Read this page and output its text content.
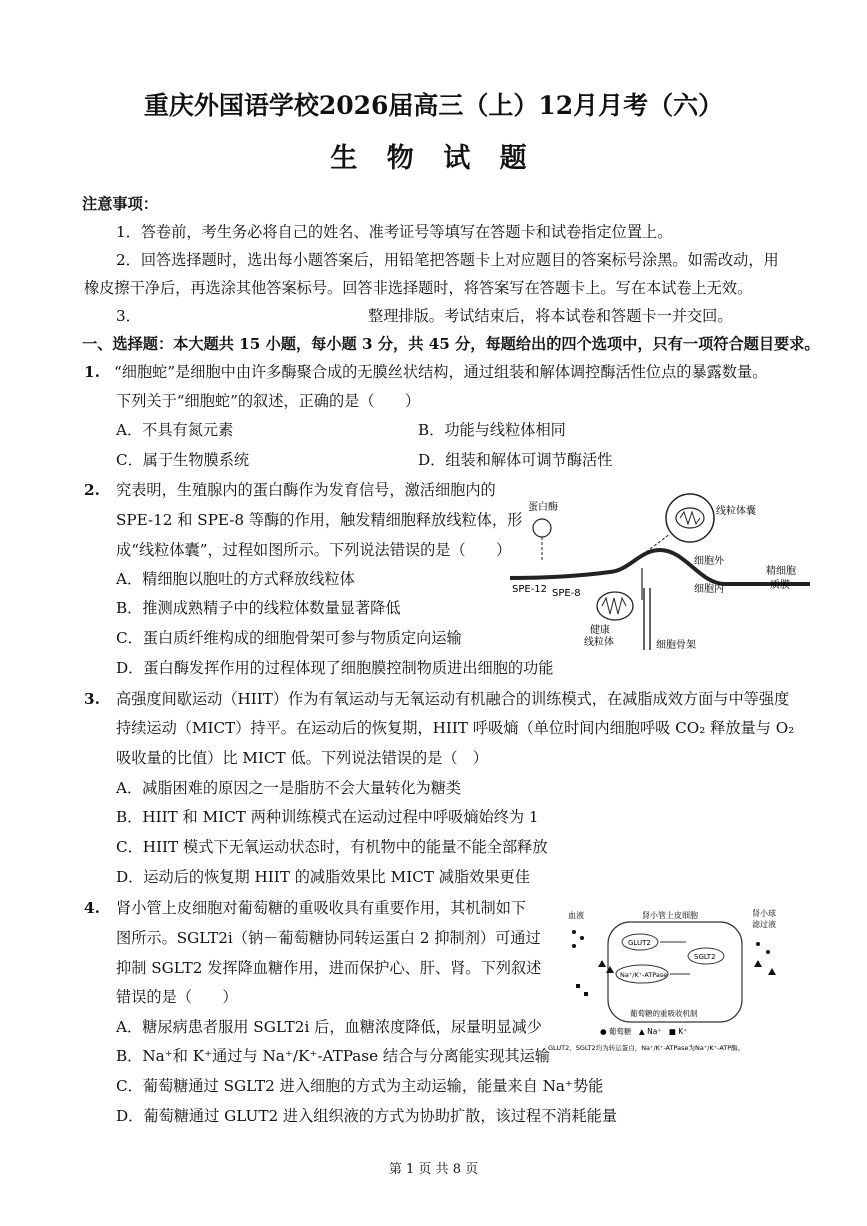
重庆外国语学校2026届高三（上）12月月考（六）
生 物 试 题
注意事项：
1．答卷前，考生务必将自己的姓名、准考证号等填写在答题卡和试卷指定位置上。
2．回答选择题时，选出每小题答案后，用铅笔把答题卡上对应题目的答案标号涂黑。如需改动，用
橡皮擦干净后，再选涂其他答案标号。回答非选择题时，将答案写在答题卡上。写在本试卷上无效。
3．	整理排版。考试结束后，将本试卷和答题卡一并交回。
一、选择题：本大题共 15 小题，每小题 3 分，共 45 分，每题给出的四个选项中，只有一项符合题目要求。
1. “细胞蛇”是细胞中由许多酶聚合成的无膜丝状结构，通过组装和解体调控酶活性位点的暴露数量。
下列关于“细胞蛇”的叙述，正确的是（　　）
A．不具有氮元素	B．功能与线粒体相同
C．属于生物膜系统	D．组装和解体可调节酶活性
2. 究表明，生殖腺内的蛋白酶作为发育信号，激活细胞内的
SPE-12 和 SPE-8 等酶的作用，触发精细胞释放线粒体，形
成“线粒体囊”，过程如图所示。下列说法错误的是（　　）
A．精细胞以胞吐的方式释放线粒体
B．推测成熟精子中的线粒体数量显著降低
C．蛋白质纤维构成的细胞骨架可参与物质定向运输
D．蛋白酶发挥作用的过程体现了细胞膜控制物质进出细胞的功能
蛋白酶	线粒体囊
细胞外
细胞内
精细胞
质膜
SPE-12 SPE-8
健康
线粒体	细胞骨架
3. 高强度间歇运动（HIIT）作为有氧运动与无氧运动有机融合的训练模式，在减脂成效方面与中等强度
持续运动（MICT）持平。在运动后的恢复期，HIIT 呼吸熵（单位时间内细胞呼吸 CO₂ 释放量与 O₂
吸收量的比值）比 MICT 低。下列说法错误的是（　）
A．减脂困难的原因之一是脂肪不会大量转化为糖类
B．HIIT 和 MICT 两种训练模式在运动过程中呼吸熵始终为 1
C．HIIT 模式下无氧运动状态时，有机物中的能量不能全部释放
D．运动后的恢复期 HIIT 的减脂效果比 MICT 减脂效果更佳
4. 肾小管上皮细胞对葡萄糖的重吸收具有重要作用，其机制如下
图所示。SGLT2i（钠－葡萄糖协同转运蛋白 2 抑制剂）可通过
抑制 SGLT2 发挥降血糖作用，进而保护心、肝、肾。下列叙述
错误的是（　　）
A．糖尿病患者服用 SGLT2i 后，血糖浓度降低，尿量明显减少
B．Na⁺和 K⁺通过与 Na⁺/K⁺-ATPase 结合与分离能实现其运输
C．葡萄糖通过 SGLT2 进入细胞的方式为主动运输，能量来自 Na⁺势能
D．葡萄糖通过 GLUT2 进入组织液的方式为协助扩散，该过程不消耗能量
血液	肾小管上皮细胞	肾小球
滤过液
GLUT2
SGLT2
Na⁺/K⁺-ATPase
葡萄糖的重吸收机制
● 葡萄糖　▲ Na⁺　■ K⁺
GLUT2、SGLT2均为转运蛋白，Na⁺/K⁺-ATPase为Na⁺/K⁺-ATP酶。
第 1 页 共 8 页
